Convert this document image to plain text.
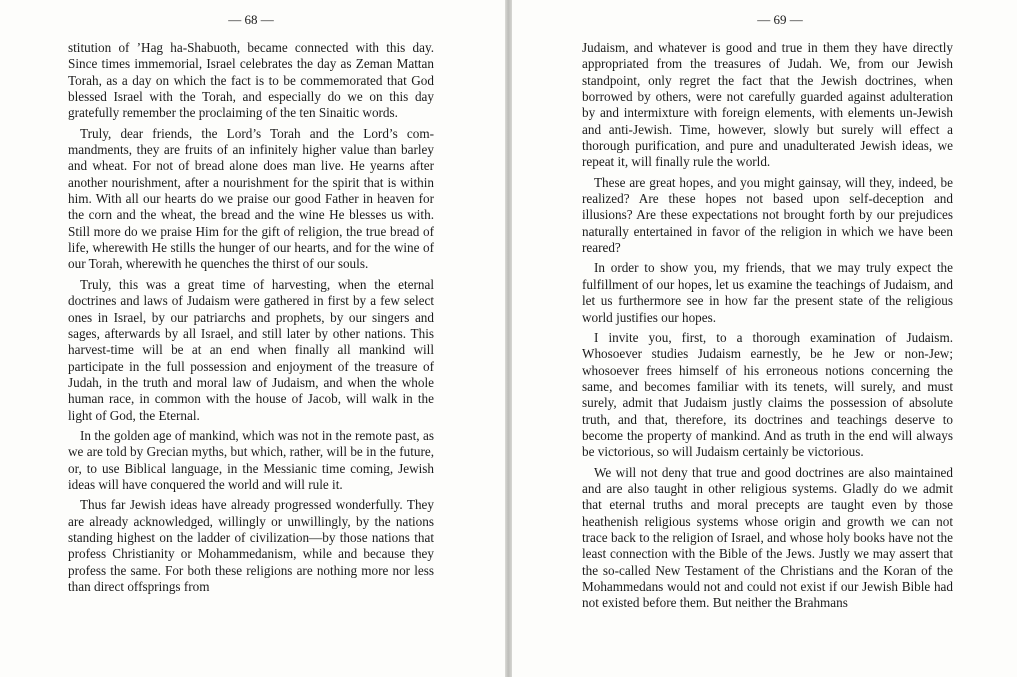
— 68 —

stitution of ’Hag ha-Shabuoth, became connected with this day. Since times immemorial, Israel celebrates the day as Zeman Mattan Torah, as a day on which the fact is to be commemorated that God blessed Israel with the Torah, and especially do we on this day gratefully remember the proclaiming of the ten Sinaitic words.

Truly, dear friends, the Lord’s Torah and the Lord’s commandments, they are fruits of an infinitely higher value than barley and wheat. For not of bread alone does man live. He yearns after another nourishment, after a nourishment for the spirit that is within him. With all our hearts do we praise our good Father in heaven for the corn and the wheat, the bread and the wine He blesses us with. Still more do we praise Him for the gift of religion, the true bread of life, wherewith He stills the hunger of our hearts, and for the wine of our Torah, wherewith he quenches the thirst of our souls.

Truly, this was a great time of harvesting, when the eternal doctrines and laws of Judaism were gathered in first by a few select ones in Israel, by our patriarchs and prophets, by our singers and sages, afterwards by all Israel, and still later by other nations. This harvest-time will be at an end when finally all mankind will participate in the full possession and enjoyment of the treasure of Judah, in the truth and moral law of Judaism, and when the whole human race, in common with the house of Jacob, will walk in the light of God, the Eternal.

In the golden age of mankind, which was not in the remote past, as we are told by Grecian myths, but which, rather, will be in the future, or, to use Biblical language, in the Messianic time coming, Jewish ideas will have conquered the world and will rule it.

Thus far Jewish ideas have already progressed wonderfully. They are already acknowledged, willingly or unwillingly, by the nations standing highest on the ladder of civilization—by those nations that profess Christianity or Mohammedanism, while and because they profess the same. For both these religions are nothing more nor less than direct offsprings from

— 69 —

Judaism, and whatever is good and true in them they have directly appropriated from the treasures of Judah. We, from our Jewish standpoint, only regret the fact that the Jewish doctrines, when borrowed by others, were not carefully guarded against adulteration by and intermixture with foreign elements, with elements un-Jewish and anti-Jewish. Time, however, slowly but surely will effect a thorough purification, and pure and unadulterated Jewish ideas, we repeat it, will finally rule the world.

These are great hopes, and you might gainsay, will they, indeed, be realized? Are these hopes not based upon self-deception and illusions? Are these expectations not brought forth by our prejudices naturally entertained in favor of the religion in which we have been reared?

In order to show you, my friends, that we may truly expect the fulfillment of our hopes, let us examine the teachings of Judaism, and let us furthermore see in how far the present state of the religious world justifies our hopes.

I invite you, first, to a thorough examination of Judaism. Whosoever studies Judaism earnestly, be he Jew or non-Jew; whosoever frees himself of his erroneous notions concerning the same, and becomes familiar with its tenets, will surely, and must surely, admit that Judaism justly claims the possession of absolute truth, and that, therefore, its doctrines and teachings deserve to become the property of mankind. And as truth in the end will always be victorious, so will Judaism certainly be victorious.

We will not deny that true and good doctrines are also maintained and are also taught in other religious systems. Gladly do we admit that eternal truths and moral precepts are taught even by those heathenish religious systems whose origin and growth we can not trace back to the religion of Israel, and whose holy books have not the least connection with the Bible of the Jews. Justly we may assert that the so-called New Testament of the Christians and the Koran of the Mohammedans would not and could not exist if our Jewish Bible had not existed before them. But neither the Brahmans
